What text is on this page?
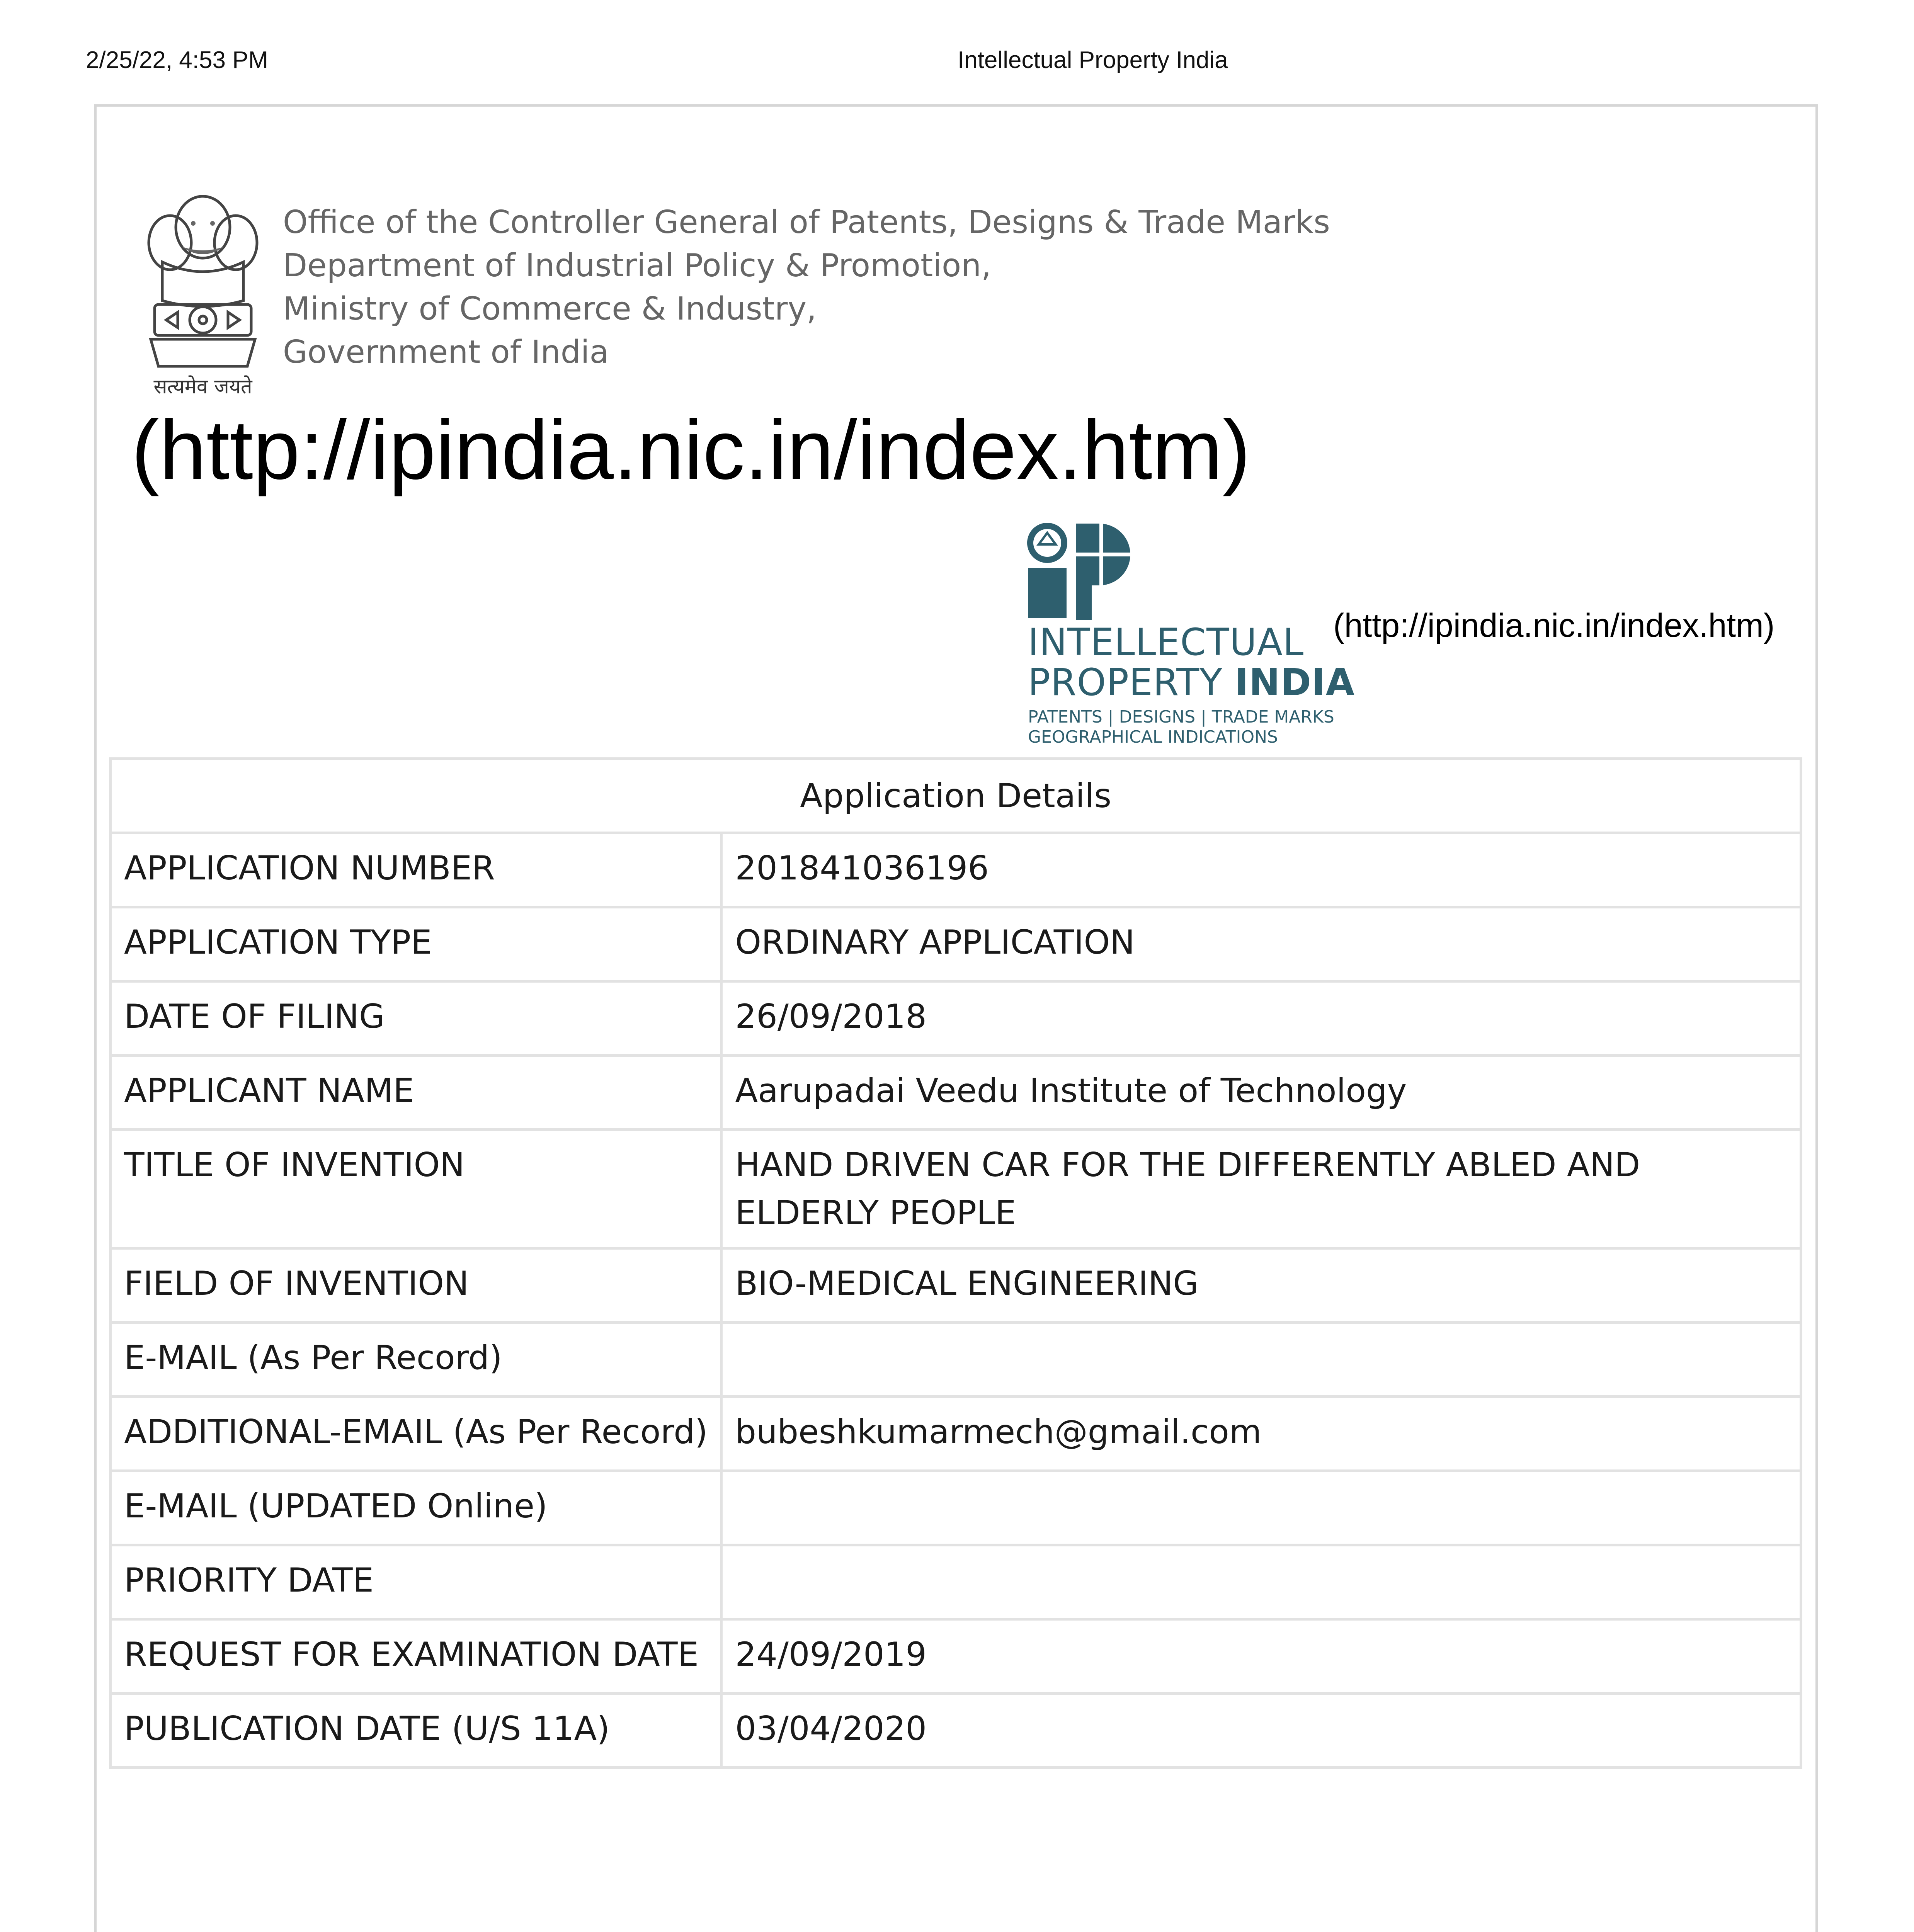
2/25/22, 4:53 PM	Intellectual Property India
सत्यमेव जयते
Office of the Controller General of Patents, Designs & Trade Marks
Department of Industrial Policy & Promotion,
Ministry of Commerce & Industry,
Government of India
(http://ipindia.nic.in/index.htm)
INTELLECTUAL
PROPERTY INDIA
PATENTS | DESIGNS | TRADE MARKS
GEOGRAPHICAL INDICATIONS
(http://ipindia.nic.in/index.htm)
Application Details	
APPLICATION NUMBER	201841036196
APPLICATION TYPE	ORDINARY APPLICATION
DATE OF FILING	26/09/2018
APPLICANT NAME	Aarupadai Veedu Institute of Technology
TITLE OF INVENTION	HAND DRIVEN CAR FOR THE DIFFERENTLY ABLED AND ELDERLY PEOPLE
FIELD OF INVENTION	BIO-MEDICAL ENGINEERING
E-MAIL (As Per Record)	
ADDITIONAL-EMAIL (As Per Record)	bubeshkumarmech@gmail.com
E-MAIL (UPDATED Online)	
PRIORITY DATE	
REQUEST FOR EXAMINATION DATE	24/09/2019
PUBLICATION DATE (U/S 11A)	03/04/2020
